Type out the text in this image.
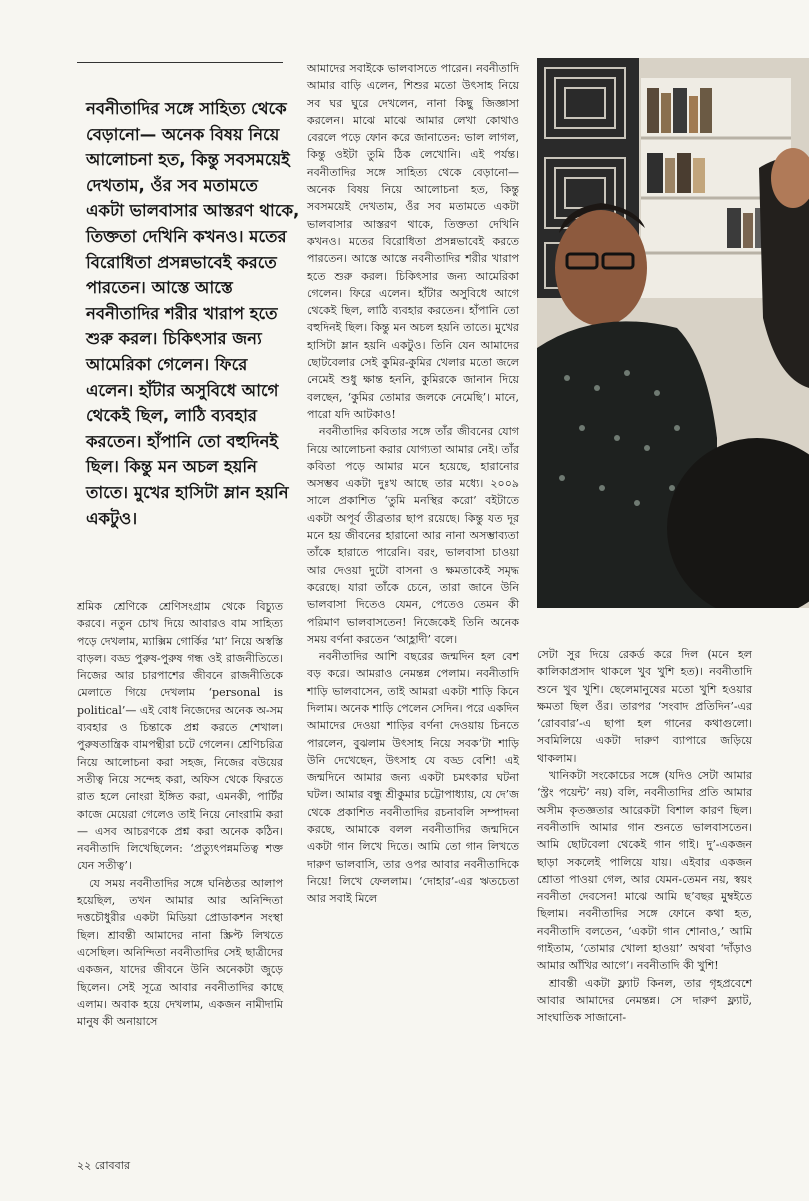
নবনীতাদির সঙ্গে সাহিত্য থেকে বেড়ানো— অনেক বিষয় নিয়ে আলোচনা হত, কিন্তু সবসময়েই দেখতাম, ওঁর সব মতামতে একটা ভালবাসার আস্তরণ থাকে, তিক্ততা দেখিনি কখনও। মতের বিরোধিতা প্রসন্নভাবেই করতে পারতেন। আস্তে আস্তে নবনীতাদির শরীর খারাপ হতে শুরু করল। চিকিৎসার জন্য আমেরিকা গেলেন। ফিরে এলেন। হাঁটার অসুবিধে আগে থেকেই ছিল, লাঠি ব্যবহার করতেন। হাঁপানি তো বহুদিনই ছিল। কিন্তু মন অচল হয়নি তাতে। মুখের হাসিটা ম্লান হয়নি একটুও।

শ্রমিক শ্রেণিকে শ্রেণিসংগ্রাম থেকে বিচ্যুত করবে। নতুন চোখ দিয়ে আবারও বাম সাহিত্য পড়ে দেখলাম, ম্যাক্সিম গোর্কির ‘মা’ নিয়ে অস্বস্তি বাড়ল। বড্ড পুরুষ-পুরুষ গন্ধ ওই রাজনীতিতে। নিজের আর চারপাশের জীবনে রাজনীতিকে মেলাতে গিয়ে দেখলাম ‘personal is political’— এই বোধ নিজেদের অনেক অ-সম ব্যবহার ও চিন্তাকে প্রশ্ন করতে শেখাল। পুরুষতান্ত্রিক বামপন্থীরা চটে গেলেন। শ্রেণিচরিত্র নিয়ে আলোচনা করা সহজ, নিজের বউয়ের সতীত্ব নিয়ে সন্দেহ করা, অফিস থেকে ফিরতে রাত হলে নোংরা ইঙ্গিত করা, এমনকী, পার্টির কাজে মেয়েরা গেলেও তাই নিয়ে নোংরামি করা— এসব আচরণকে প্রশ্ন করা অনেক কঠিন। নবনীতাদি লিখেছিলেন: ‘প্রত্যুৎপন্নমতিত্ব শক্ত যেন সতীত্ব’।

যে সময় নবনীতাদির সঙ্গে ঘনিষ্ঠতর আলাপ হয়েছিল, তখন আমার আর অনিন্দিতা দত্তচৌধুরীর একটা মিডিয়া প্রোডাকশন সংস্থা ছিল। শ্রাবন্তী আমাদের নানা স্ক্রিপ্ট লিখতে এসেছিল। অনিন্দিতা নবনীতাদির সেই ছাত্রীদের একজন, যাদের জীবনে উনি অনেকটা জুড়ে ছিলেন। সেই সূত্রে আবার নবনীতাদির কাছে এলাম। অবাক হয়ে দেখলাম, একজন নামীদামি মানুষ কী অনায়াসে

আমাদের সবাইকে ভালবাসতে পারেন। নবনীতাদি আমার বাড়ি এলেন, শিশুর মতো উৎসাহ নিয়ে সব ঘর ঘুরে দেখলেন, নানা কিছু জিজ্ঞাসা করলেন। মাঝে মাঝে আমার লেখা কোথাও বেরলে পড়ে ফোন করে জানাতেন: ভাল লাগল, কিন্তু ওইটা তুমি ঠিক লেখোনি। এই পর্যন্ত। নবনীতাদির সঙ্গে সাহিত্য থেকে বেড়ানো— অনেক বিষয় নিয়ে আলোচনা হত, কিন্তু সবসময়েই দেখতাম, ওঁর সব মতামতে একটা ভালবাসার আস্তরণ থাকে, তিক্ততা দেখিনি কখনও। মতের বিরোধিতা প্রসন্নভাবেই করতে পারতেন। আস্তে আস্তে নবনীতাদির শরীর খারাপ হতে শুরু করল। চিকিৎসার জন্য আমেরিকা গেলেন। ফিরে এলেন। হাঁটার অসুবিধে আগে থেকেই ছিল, লাঠি ব্যবহার করতেন। হাঁপানি তো বহুদিনই ছিল। কিন্তু মন অচল হয়নি তাতে। মুখের হাসিটা ম্লান হয়নি একটুও। তিনি যেন আমাদের ছোটবেলার সেই কুমির-কুমির খেলার মতো জলে নেমেই শুধু ক্ষান্ত হননি, কুমিরকে জানান দিয়ে বলছেন, ‘কুমির তোমার জলকে নেমেছি’। মানে, পারো যদি আটকাও!

নবনীতাদির কবিতার সঙ্গে তাঁর জীবনের যোগ নিয়ে আলোচনা করার যোগ্যতা আমার নেই। তাঁর কবিতা পড়ে আমার মনে হয়েছে, হারানোর অসম্ভব একটা দুঃখ আছে তার মধ্যে। ২০০৯ সালে প্রকাশিত ‘তুমি মনস্থির করো’ বইটাতে একটা অপূর্ব তীব্রতার ছাপ রয়েছে। কিন্তু যত দূর মনে হয় জীবনের হারানো আর নানা অসম্ভাব্যতা তাঁকে হারাতে পারেনি। বরং, ভালবাসা চাওয়া আর দেওয়া দুটো বাসনা ও ক্ষমতাকেই সমৃদ্ধ করেছে। যারা তাঁকে চেনে, তারা জানে উনি ভালবাসা দিতেও যেমন, পেতেও তেমন কী পরিমাণ ভালবাসতেন! নিজেকেই তিনি অনেক সময় বর্ণনা করতেন ‘আহ্লাদী’ বলে।

নবনীতাদির আশি বছরের জন্মদিন হল বেশ বড় করে। আমরাও নেমন্তন্ন পেলাম। নবনীতাদি শাড়ি ভালবাসেন, তাই আমরা একটা শাড়ি কিনে দিলাম। অনেক শাড়ি পেলেন সেদিন। পরে একদিন আমাদের দেওয়া শাড়ির বর্ণনা দেওয়ায় চিনতে পারলেন, বুঝলাম উৎসাহ নিয়ে সবক’টা শাড়ি উনি দেখেছেন, উৎসাহ যে বড্ড বেশি! এই জন্মদিনে আমার জন্য একটা চমৎকার ঘটনা ঘটল। আমার বন্ধু শ্রীকুমার চট্টোপাধ্যায়, যে দে’জ থেকে প্রকাশিত নবনীতাদির রচনাবলি সম্পাদনা করছে, আমাকে বলল নবনীতাদির জন্মদিনে একটা গান লিখে দিতে। আমি তো গান লিখতে দারুণ ভালবাসি, তার ওপর আবার নবনীতাদিকে নিয়ে! লিখে ফেললাম। ‘দোহার’-এর ঋতচেতা আর সবাই মিলে

সেটা সুর দিয়ে রেকর্ড করে দিল (মনে হল কালিকাপ্রসাদ থাকলে খুব খুশি হত)। নবনীতাদি শুনে খুব খুশি। ছেলেমানুষের মতো খুশি হওয়ার ক্ষমতা ছিল ওঁর। তারপর ‘সংবাদ প্রতিদিন’-এর ‘রোববার’-এ ছাপা হল গানের কথাগুলো। সবমিলিয়ে একটা দারুণ ব্যাপারে জড়িয়ে থাকলাম।

খানিকটা সংকোচের সঙ্গে (যদিও সেটা আমার ‘স্ট্রং পয়েন্ট’ নয়) বলি, নবনীতাদির প্রতি আমার অসীম কৃতজ্ঞতার আরেকটা বিশাল কারণ ছিল। নবনীতাদি আমার গান শুনতে ভালবাসতেন। আমি ছোটবেলা থেকেই গান গাই। দু’-একজন ছাড়া সকলেই পালিয়ে যায়। এইবার একজন শ্রোতা পাওয়া গেল, আর যেমন-তেমন নয়, স্বয়ং নবনীতা দেবসেন! মাঝে আমি ছ’বছর মুম্বইতে ছিলাম। নবনীতাদির সঙ্গে ফোনে কথা হত, নবনীতাদি বলতেন, ‘একটা গান শোনাও,’ আমি গাইতাম, ‘তোমার খোলা হাওয়া’ অথবা ‘দাঁড়াও আমার আঁখির আগে’। নবনীতাদি কী খুশি!

শ্রাবন্তী একটা ফ্ল্যাট কিনল, তার গৃহপ্রবেশে আবার আমাদের নেমন্তন্ন। সে দারুণ ফ্ল্যাট, সাংঘাতিক সাজানো-

২২ রোববার
